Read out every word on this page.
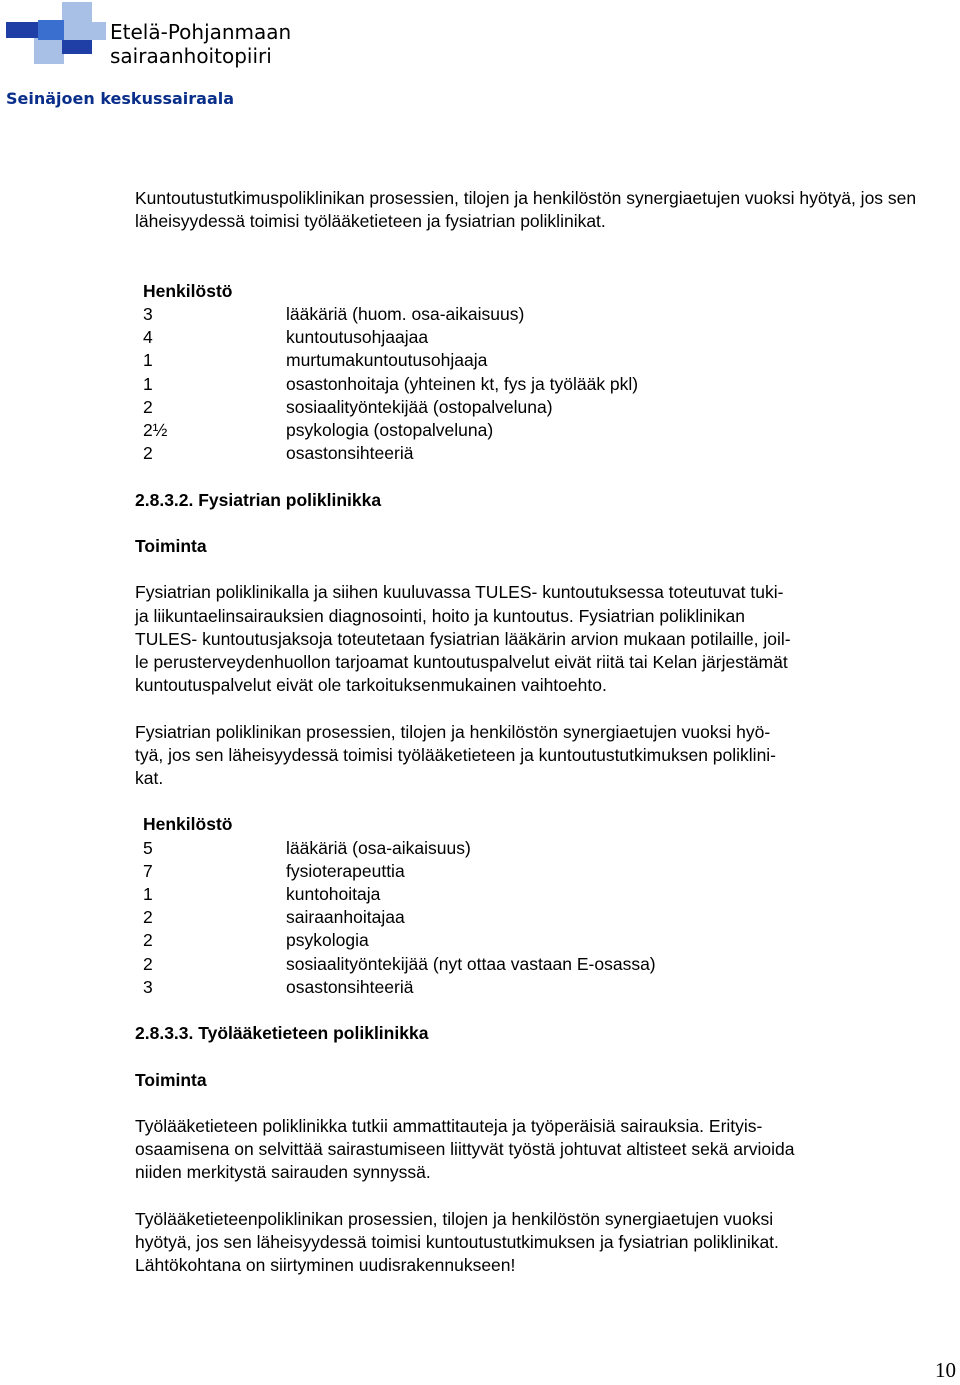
Etelä-Pohjanmaan
sairaanhoitopiiri
Seinäjoen keskussairaala

Kuntoutustutkimuspoliklinikan prosessien, tilojen ja henkilöstön synergiaetujen vuoksi hyötyä, jos sen läheisyydessä toimisi työlääketieteen ja fysiatrian poliklinikat.

Henkilöstö

3	lääkäriä (huom. osa-aikaisuus)
4	kuntoutusohjaajaa
1	murtumakuntoutusohjaaja
1	osastonhoitaja (yhteinen kt, fys ja työlääk pkl)
2	sosiaalityöntekijää (ostopalveluna)
2½	psykologia (ostopalveluna)
2	osastonsihteeriä

2.8.3.2. Fysiatrian poliklinikka

Toiminta

Fysiatrian poliklinikalla ja siihen kuuluvassa TULES- kuntoutuksessa toteutuvat tuki-

ja liikuntaelinsairauksien diagnosointi, hoito ja kuntoutus. Fysiatrian poliklinikan

TULES- kuntoutusjaksoja toteutetaan fysiatrian lääkärin arvion mukaan potilaille, joil-

le perusterveydenhuollon tarjoamat kuntoutuspalvelut eivät riitä tai Kelan järjestämät

kuntoutuspalvelut eivät ole tarkoituksenmukainen vaihtoehto.

Fysiatrian poliklinikan prosessien, tilojen ja henkilöstön synergiaetujen vuoksi hyö-

tyä, jos sen läheisyydessä toimisi työlääketieteen ja kuntoutustutkimuksen poliklini-

kat.

Henkilöstö

5	lääkäriä (osa-aikaisuus)
7	fysioterapeuttia
1	kuntohoitaja
2	sairaanhoitajaa
2	psykologia
2	sosiaalityöntekijää (nyt ottaa vastaan E-osassa)
3	osastonsihteeriä

2.8.3.3. Työlääketieteen poliklinikka

Toiminta

Työlääketieteen poliklinikka tutkii ammattitauteja ja työperäisiä sairauksia. Erityis-

osaamisena on selvittää sairastumiseen liittyvät työstä johtuvat altisteet sekä arvioida

niiden merkitystä sairauden synnyssä.

Työlääketieteenpoliklinikan prosessien, tilojen ja henkilöstön synergiaetujen vuoksi

hyötyä, jos sen läheisyydessä toimisi kuntoutustutkimuksen ja fysiatrian poliklinikat.

Lähtökohtana on siirtyminen uudisrakennukseen!

10
